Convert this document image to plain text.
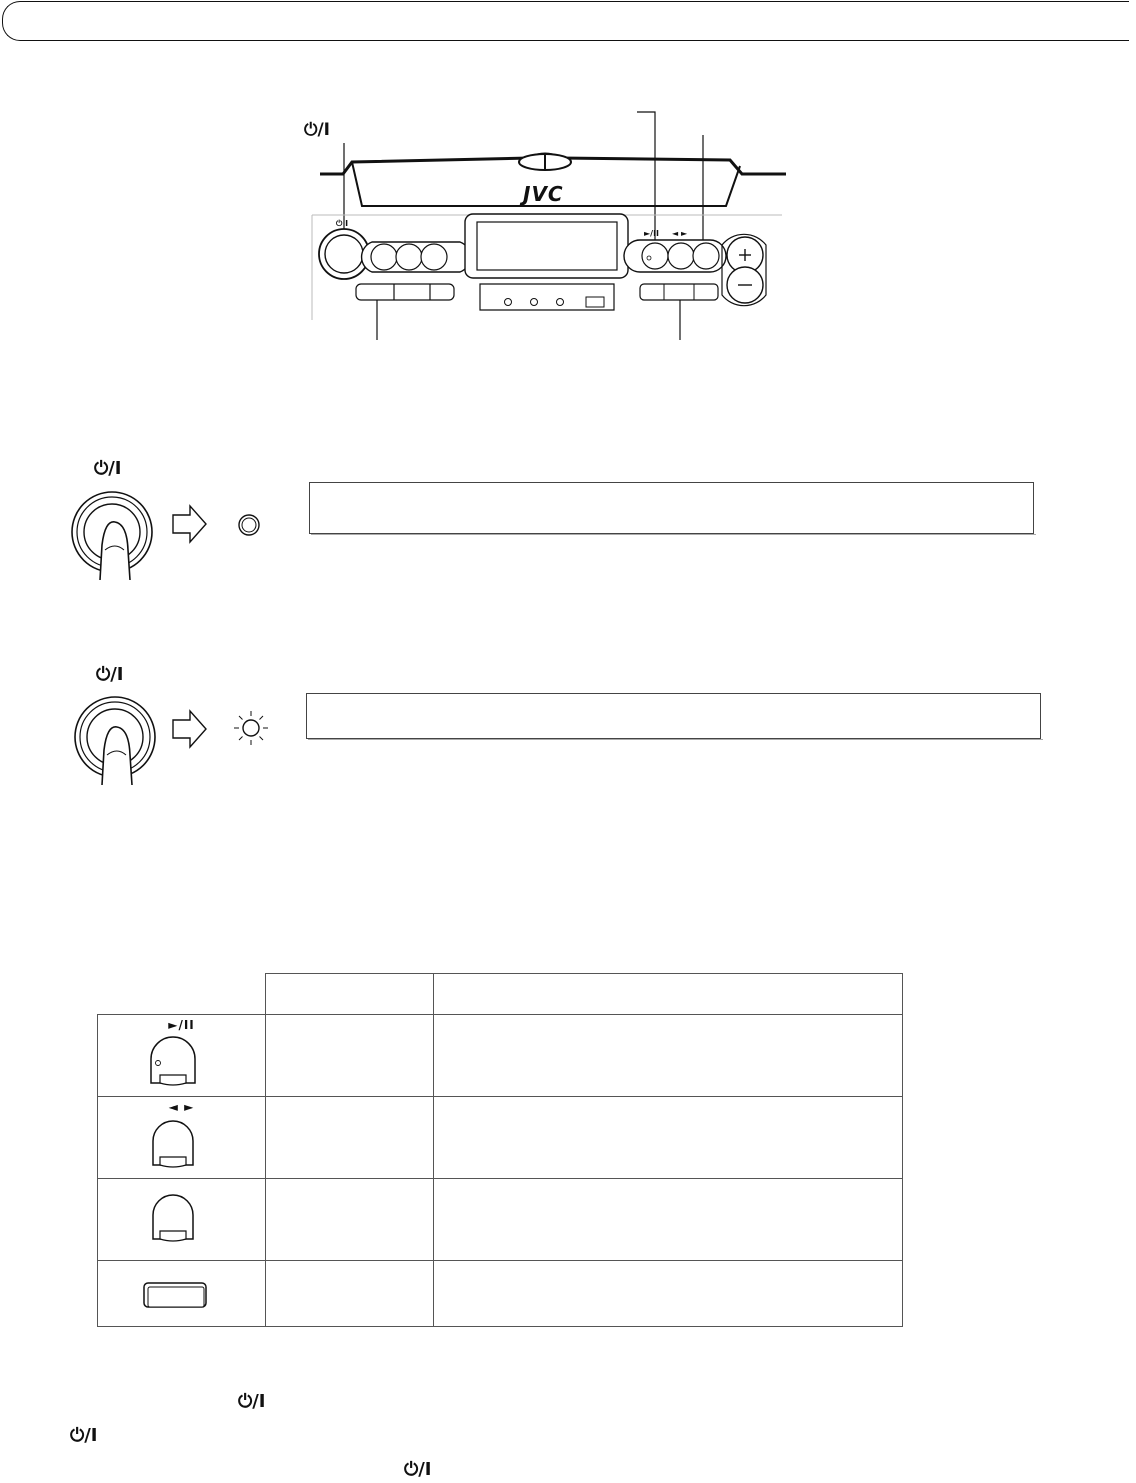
⏻/I
JVC
⏻ I
►/II ◄ ►
⏻/I
⏻/I

►/II		

◄ ►		

⏻/I
⏻/I
⏻/I
